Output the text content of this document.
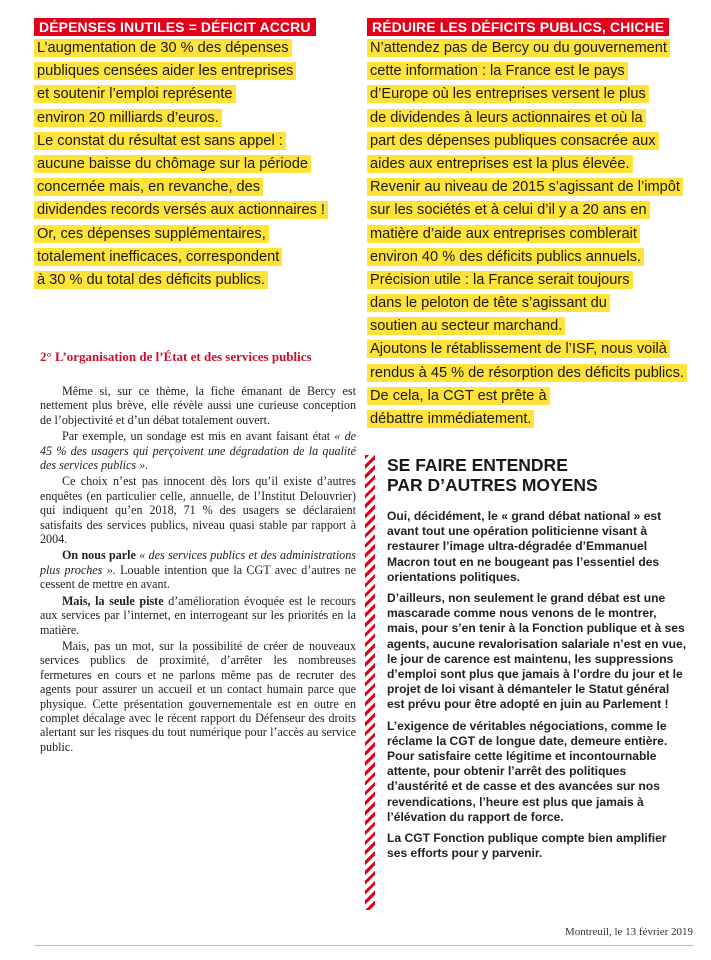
DÉPENSES INUTILES = DÉFICIT ACCRU
L’augmentation de 30 % des dépenses
publiques censées aider les entreprises
et soutenir l’emploi représente
environ 20 milliards d’euros.
Le constat du résultat est sans appel :
aucune baisse du chômage sur la période
concernée mais, en revanche, des
dividendes records versés aux actionnaires !
Or, ces dépenses supplémentaires,
totalement inefficaces, correspondent
à 30 % du total des déficits publics.
RÉDUIRE LES DÉFICITS PUBLICS, CHICHE
N’attendez pas de Bercy ou du gouvernement
cette information : la France est le pays
d’Europe où les entreprises versent le plus
de dividendes à leurs actionnaires et où la
part des dépenses publiques consacrée aux
aides aux entreprises est la plus élevée.
Revenir au niveau de 2015 s’agissant de l’impôt
sur les sociétés et à celui d’il y a 20 ans en
matière d’aide aux entreprises comblerait
environ 40 % des déficits publics annuels.
Précision utile : la France serait toujours
dans le peloton de tête s’agissant du
soutien au secteur marchand.
Ajoutons le rétablissement de l’ISF, nous voilà
rendus à 45 % de résorption des déficits publics.
De cela, la CGT est prête à
débattre immédiatement.
2° L’organisation de l’État et des services publics

Même si, sur ce thème, la fiche émanant de Bercy est nettement plus brève, elle révèle aussi une curieuse conception de l’objectivité et d’un débat totalement ouvert.

Par exemple, un sondage est mis en avant faisant état « de 45 % des usagers qui perçoivent une dégradation de la qualité des services publics ».

Ce choix n’est pas innocent dès lors qu’il existe d’autres enquêtes (en particulier celle, annuelle, de l’Institut Delouvrier) qui indiquent qu’en 2018, 71 % des usagers se déclaraient satisfaits des services publics, niveau quasi stable par rapport à 2004.

On nous parle « des services publics et des administrations plus proches ». Louable intention que la CGT avec d’autres ne cessent de mettre en avant.

Mais, la seule piste d’amélioration évoquée est le recours aux services par l’internet, en interrogeant sur les priorités en la matière.

Mais, pas un mot, sur la possibilité de créer de nouveaux services publics de proximité, d’arrêter les nombreuses fermetures en cours et ne parlons même pas de recruter des agents pour assurer un accueil et un contact humain parce que physique. Cette présentation gouvernementale est en outre en complet décalage avec le récent rapport du Défenseur des droits alertant sur les risques du tout numérique pour l’accès au service public.

SE FAIRE ENTENDRE
PAR D’AUTRES MOYENS

Oui, décidément, le « grand débat national » est avant tout une opération politicienne visant à restaurer l’image ultra-dégradée d’Emmanuel Macron tout en ne bougeant pas l’essentiel des orientations politiques.

D’ailleurs, non seulement le grand débat est une mascarade comme nous venons de le montrer, mais, pour s’en tenir à la Fonction publique et à ses agents, aucune revalorisation salariale n’est en vue, le jour de carence est maintenu, les suppressions d’emploi sont plus que jamais à l’ordre du jour et le projet de loi visant à démanteler le Statut général est prévu pour être adopté en juin au Parlement !

L’exigence de véritables négociations, comme le réclame la CGT de longue date, demeure entière. Pour satisfaire cette légitime et incontournable attente, pour obtenir l’arrêt des politiques d’austérité et de casse et des avancées sur nos revendications, l’heure est plus que jamais à l’élévation du rapport de force.

La CGT Fonction publique compte bien amplifier ses efforts pour y parvenir.

Montreuil, le 13 février 2019
